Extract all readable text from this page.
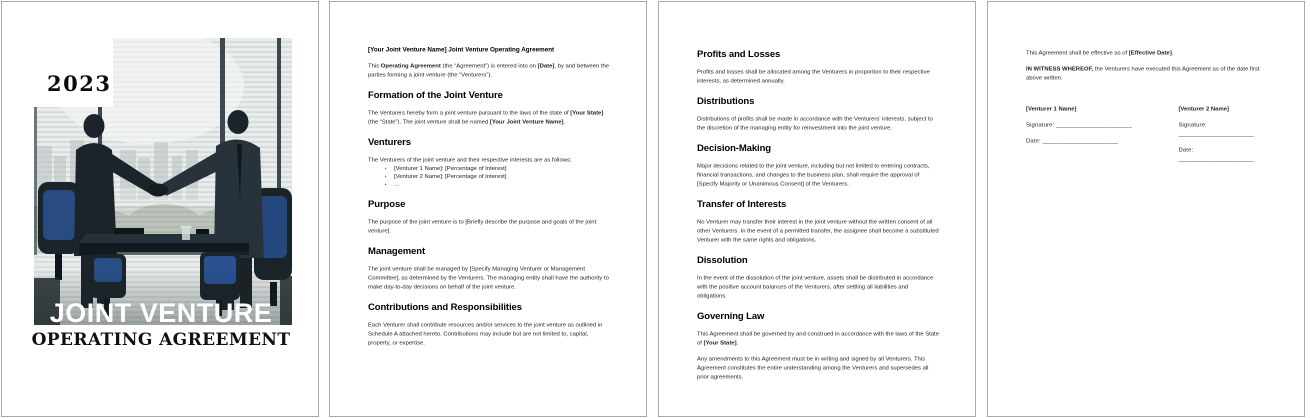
2023
JOINT VENTURE
OPERATING AGREEMENT
[Your Joint Venture Name] Joint Venture Operating Agreement
This Operating Agreement (the “Agreement”) is entered into on [Date], by and between the parties forming a joint venture (the “Venturers”).
Formation of the Joint Venture
The Venturers hereby form a joint venture pursuant to the laws of the state of [Your State] (the “State”). The joint venture shall be named [Your Joint Venture Name].
Venturers
The Venturers of the joint venture and their respective interests are as follows:
▪ [Venturer 1 Name]: [Percentage of Interest]
▪ [Venturer 2 Name]: [Percentage of Interest]
▪ …
Purpose
The purpose of the joint venture is to [Briefly describe the purpose and goals of the joint venture].
Management
The joint venture shall be managed by [Specify Managing Venturer or Management Committee], as determined by the Venturers. The managing entity shall have the authority to make day-to-day decisions on behalf of the joint venture.
Contributions and Responsibilities
Each Venturer shall contribute resources and/or services to the joint venture as outlined in Schedule A attached hereto. Contributions may include but are not limited to, capital, property, or expertise.
Profits and Losses
Profits and losses shall be allocated among the Venturers in proportion to their respective interests, as determined annually.
Distributions
Distributions of profits shall be made in accordance with the Venturers’ interests, subject to the discretion of the managing entity for reinvestment into the joint venture.
Decision-Making
Major decisions related to the joint venture, including but not limited to entering contracts, financial transactions, and changes to the business plan, shall require the approval of [Specify Majority or Unanimous Consent] of the Venturers.
Transfer of Interests
No Venturer may transfer their interest in the joint venture without the written consent of all other Venturers. In the event of a permitted transfer, the assignee shall become a substituted Venturer with the same rights and obligations.
Dissolution
In the event of the dissolution of the joint venture, assets shall be distributed in accordance with the positive account balances of the Venturers, after settling all liabilities and obligations.
Governing Law
This Agreement shall be governed by and construed in accordance with the laws of the State of [Your State].
Any amendments to this Agreement must be in writing and signed by all Venturers. This Agreement constitutes the entire understanding among the Venturers and supersedes all prior agreements.
This Agreement shall be effective as of [Effective Date].
IN WITNESS WHEREOF, the Venturers have executed this Agreement as of the date first above written.
[Venturer 1 Name]
Signature: ______________________
Date: ______________________
[Venturer 2 Name]
Signature: ______________________
Date: ______________________
